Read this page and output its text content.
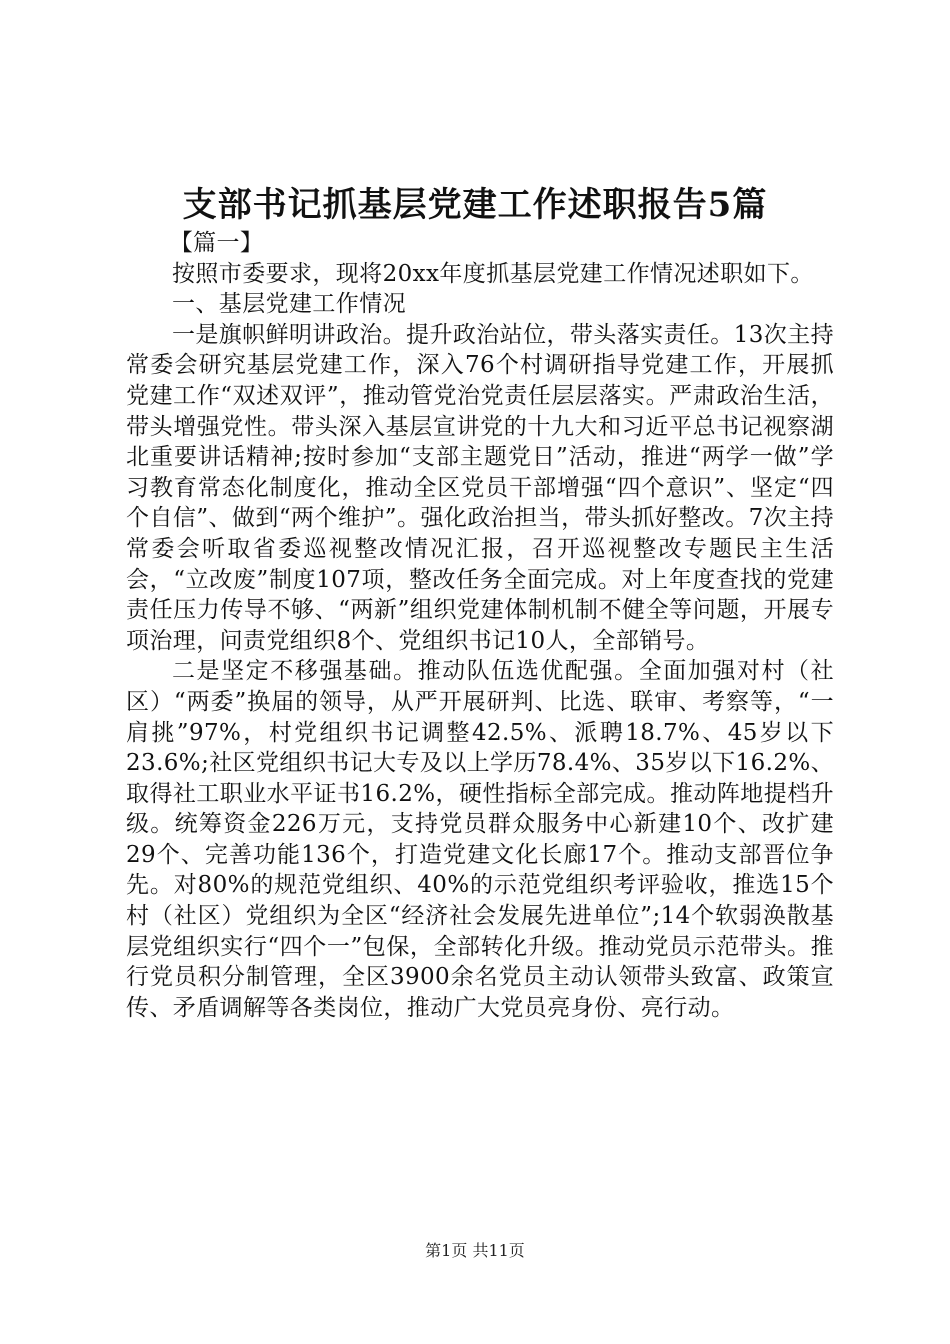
支部书记抓基层党建工作述职报告5篇

【篇一】

按照市委要求，现将20xx年度抓基层党建工作情况述职如下。

一、基层党建工作情况

一是旗帜鲜明讲政治。提升政治站位，带头落实责任。13次主持常委会研究基层党建工作，深入76个村调研指导党建工作，开展抓党建工作“双述双评”，推动管党治党责任层层落实。严肃政治生活，带头增强党性。带头深入基层宣讲党的十九大和习近平总书记视察湖北重要讲话精神;按时参加“支部主题党日”活动，推进“两学一做”学习教育常态化制度化，推动全区党员干部增强“四个意识”、坚定“四个自信”、做到“两个维护”。强化政治担当，带头抓好整改。7次主持常委会听取省委巡视整改情况汇报，召开巡视整改专题民主生活会，“立改废”制度107项，整改任务全面完成。对上年度查找的党建责任压力传导不够、“两新”组织党建体制机制不健全等问题，开展专项治理，问责党组织8个、党组织书记10人，全部销号。

二是坚定不移强基础。推动队伍选优配强。全面加强对村（社区）“两委”换届的领导，从严开展研判、比选、联审、考察等，“一肩挑”97%，村党组织书记调整42.5%、派聘18.7%、45岁以下23.6%;社区党组织书记大专及以上学历78.4%、35岁以下16.2%、取得社工职业水平证书16.2%，硬性指标全部完成。推动阵地提档升级。统筹资金226万元，支持党员群众服务中心新建10个、改扩建29个、完善功能136个，打造党建文化长廊17个。推动支部晋位争先。对80%的规范党组织、40%的示范党组织考评验收，推选15个村（社区）党组织为全区“经济社会发展先进单位”;14个软弱涣散基层党组织实行“四个一”包保，全部转化升级。推动党员示范带头。推行党员积分制管理，全区3900余名党员主动认领带头致富、政策宣传、矛盾调解等各类岗位，推动广大党员亮身份、亮行动。

第1页 共11页
